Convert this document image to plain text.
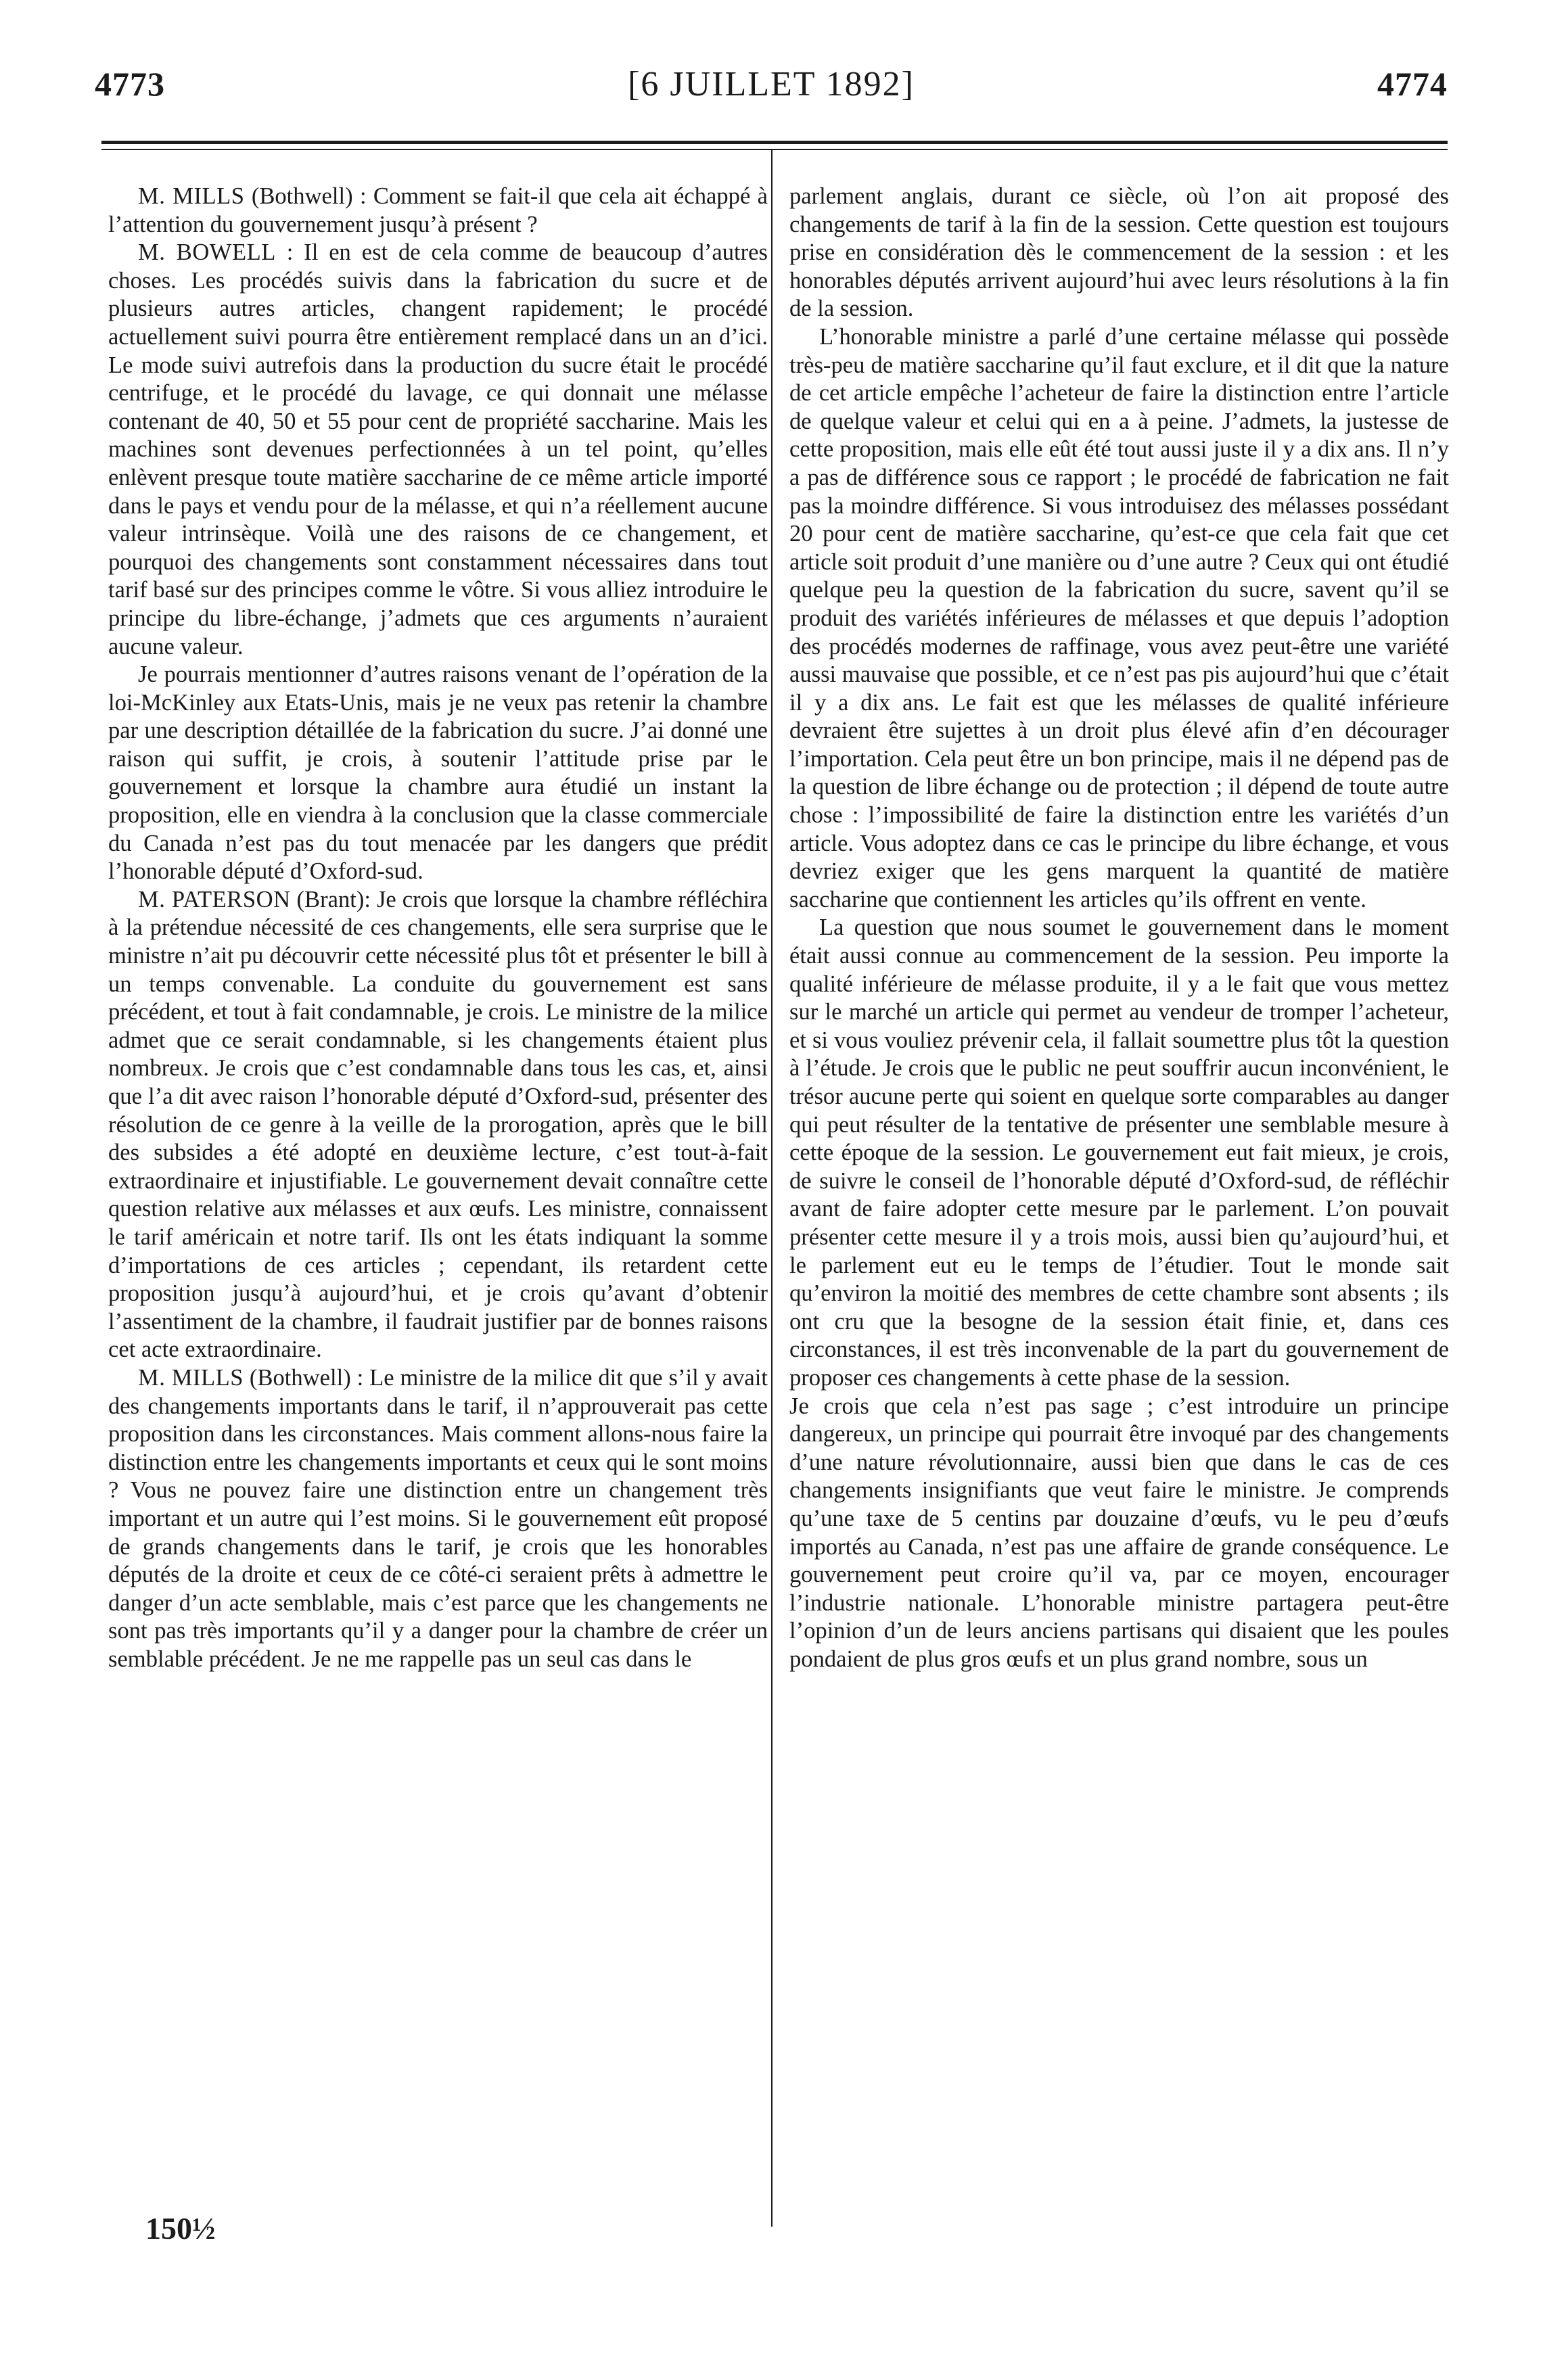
4773	[6 JUILLET 1892]	4774

M. MILLS (Bothwell) : Comment se fait-il que cela ait échappé à l’attention du gouvernement jusqu’à présent ?

M. BOWELL : Il en est de cela comme de beaucoup d’autres choses. Les procédés suivis dans la fabrication du sucre et de plusieurs autres articles, changent rapidement; le procédé actuellement suivi pourra être entièrement remplacé dans un an d’ici. Le mode suivi autrefois dans la production du sucre était le procédé centrifuge, et le procédé du lavage, ce qui donnait une mélasse contenant de 40, 50 et 55 pour cent de propriété saccharine. Mais les machines sont devenues perfectionnées à un tel point, qu’elles enlèvent presque toute matière saccharine de ce même article importé dans le pays et vendu pour de la mélasse, et qui n’a réellement aucune valeur intrinsèque. Voilà une des raisons de ce changement, et pourquoi des changements sont constamment nécessaires dans tout tarif basé sur des principes comme le vôtre. Si vous alliez introduire le principe du libre-échange, j’admets que ces arguments n’auraient aucune valeur.

Je pourrais mentionner d’autres raisons venant de l’opération de la loi-McKinley aux Etats-Unis, mais je ne veux pas retenir la chambre par une description détaillée de la fabrication du sucre. J’ai donné une raison qui suffit, je crois, à soutenir l’attitude prise par le gouvernement et lorsque la chambre aura étudié un instant la proposition, elle en viendra à la conclusion que la classe commerciale du Canada n’est pas du tout menacée par les dangers que prédit l’honorable député d’Oxford-sud.

M. PATERSON (Brant): Je crois que lorsque la chambre réfléchira à la prétendue nécessité de ces changements, elle sera surprise que le ministre n’ait pu découvrir cette nécessité plus tôt et présenter le bill à un temps convenable. La conduite du gouvernement est sans précédent, et tout à fait condamnable, je crois. Le ministre de la milice admet que ce serait condamnable, si les changements étaient plus nombreux. Je crois que c’est condamnable dans tous les cas, et, ainsi que l’a dit avec raison l’honorable député d’Oxford-sud, présenter des résolution de ce genre à la veille de la prorogation, après que le bill des subsides a été adopté en deuxième lecture, c’est tout-à-fait extraordinaire et injustifiable. Le gouvernement devait connaître cette question relative aux mélasses et aux œufs. Les ministre, connaissent le tarif américain et notre tarif. Ils ont les états indiquant la somme d’importations de ces articles ; cependant, ils retardent cette proposition jusqu’à aujourd’hui, et je crois qu’avant d’obtenir l’assentiment de la chambre, il faudrait justifier par de bonnes raisons cet acte extraordinaire.

M. MILLS (Bothwell) : Le ministre de la milice dit que s’il y avait des changements importants dans le tarif, il n’approuverait pas cette proposition dans les circonstances. Mais comment allons-nous faire la distinction entre les changements importants et ceux qui le sont moins ? Vous ne pouvez faire une distinction entre un changement très important et un autre qui l’est moins. Si le gouvernement eût proposé de grands changements dans le tarif, je crois que les honorables députés de la droite et ceux de ce côté-ci seraient prêts à admettre le danger d’un acte semblable, mais c’est parce que les changements ne sont pas très importants qu’il y a danger pour la chambre de créer un semblable précédent. Je ne me rappelle pas un seul cas dans le

parlement anglais, durant ce siècle, où l’on ait proposé des changements de tarif à la fin de la session. Cette question est toujours prise en considération dès le commencement de la session : et les honorables députés arrivent aujourd’hui avec leurs résolutions à la fin de la session.

L’honorable ministre a parlé d’une certaine mélasse qui possède très-peu de matière saccharine qu’il faut exclure, et il dit que la nature de cet article empêche l’acheteur de faire la distinction entre l’article de quelque valeur et celui qui en a à peine. J’admets, la justesse de cette proposition, mais elle eût été tout aussi juste il y a dix ans. Il n’y a pas de différence sous ce rapport ; le procédé de fabrication ne fait pas la moindre différence. Si vous introduisez des mélasses possédant 20 pour cent de matière saccharine, qu’est-ce que cela fait que cet article soit produit d’une manière ou d’une autre ? Ceux qui ont étudié quelque peu la question de la fabrication du sucre, savent qu’il se produit des variétés inférieures de mélasses et que depuis l’adoption des procédés modernes de raffinage, vous avez peut-être une variété aussi mauvaise que possible, et ce n’est pas pis aujourd’hui que c’était il y a dix ans. Le fait est que les mélasses de qualité inférieure devraient être sujettes à un droit plus élevé afin d’en décourager l’importation. Cela peut être un bon principe, mais il ne dépend pas de la question de libre échange ou de protection ; il dépend de toute autre chose : l’impossibilité de faire la distinction entre les variétés d’un article. Vous adoptez dans ce cas le principe du libre échange, et vous devriez exiger que les gens marquent la quantité de matière saccharine que contiennent les articles qu’ils offrent en vente.

La question que nous soumet le gouvernement dans le moment était aussi connue au commencement de la session. Peu importe la qualité inférieure de mélasse produite, il y a le fait que vous mettez sur le marché un article qui permet au vendeur de tromper l’acheteur, et si vous vouliez prévenir cela, il fallait soumettre plus tôt la question à l’étude. Je crois que le public ne peut souffrir aucun inconvénient, le trésor aucune perte qui soient en quelque sorte comparables au danger qui peut résulter de la tentative de présenter une semblable mesure à cette époque de la session. Le gouvernement eut fait mieux, je crois, de suivre le conseil de l’honorable député d’Oxford-sud, de réfléchir avant de faire adopter cette mesure par le parlement. L’on pouvait présenter cette mesure il y a trois mois, aussi bien qu’aujourd’hui, et le parlement eut eu le temps de l’étudier. Tout le monde sait qu’environ la moitié des membres de cette chambre sont absents ; ils ont cru que la besogne de la session était finie, et, dans ces circonstances, il est très inconvenable de la part du gouvernement de proposer ces changements à cette phase de la session.

Je crois que cela n’est pas sage ; c’est introduire un principe dangereux, un principe qui pourrait être invoqué par des changements d’une nature révolutionnaire, aussi bien que dans le cas de ces changements insignifiants que veut faire le ministre. Je comprends qu’une taxe de 5 centins par douzaine d’œufs, vu le peu d’œufs importés au Canada, n’est pas une affaire de grande conséquence. Le gouvernement peut croire qu’il va, par ce moyen, encourager l’industrie nationale. L’honorable ministre partagera peut-être l’opinion d’un de leurs anciens partisans qui disaient que les poules pondaient de plus gros œufs et un plus grand nombre, sous un

150½
